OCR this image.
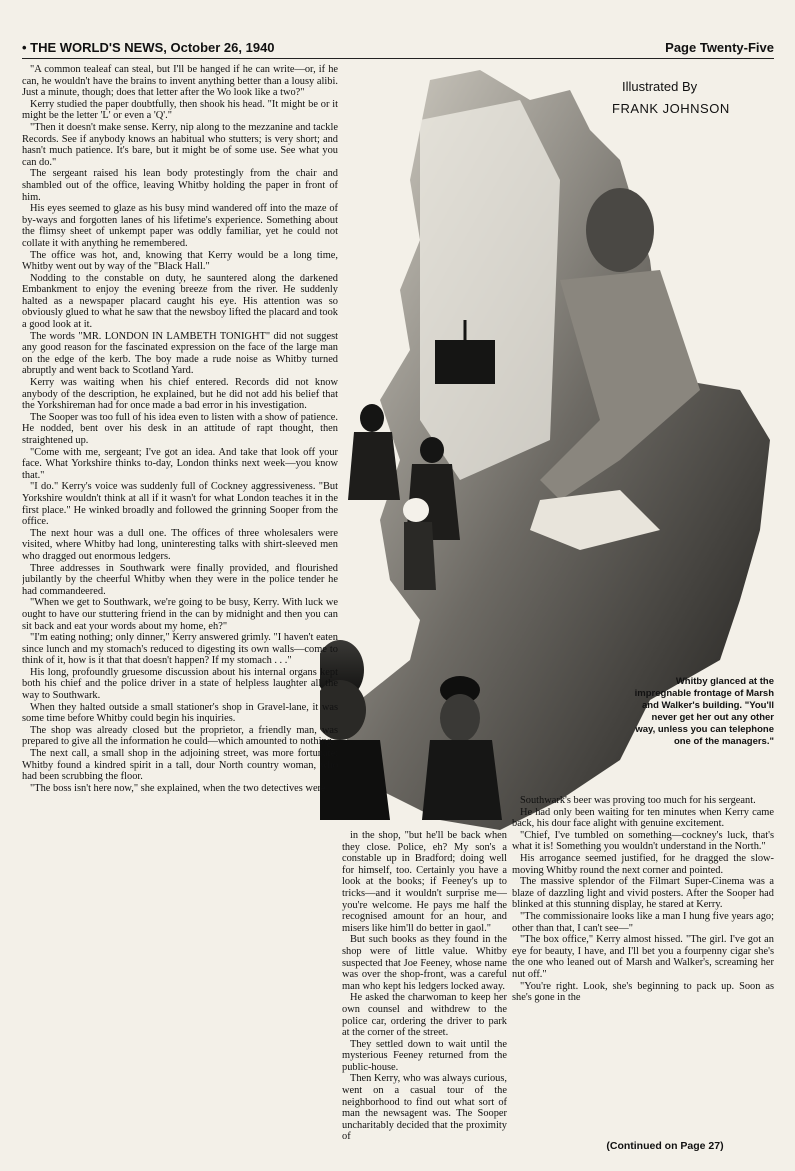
• THE WORLD'S NEWS, October 26, 1940	Page Twenty-Five
Illustrated By
FRANK JOHNSON
Whitby glanced at the impregnable frontage of Marsh and Walker's building. "You'll never get her out any other way, unless you can telephone one of the managers."

"A common tealeaf can steal, but I'll be hanged if he can write—or, if he can, he wouldn't have the brains to invent anything better than a lousy alibi. Just a minute, though; does that letter after the Wo look like a two?"

Kerry studied the paper doubtfully, then shook his head. "It might be or it might be the letter 'L' or even a 'Q'."

"Then it doesn't make sense. Kerry, nip along to the mezzanine and tackle Records. See if anybody knows an habitual who stutters; is very short; and hasn't much patience. It's bare, but it might be of some use. See what you can do."

The sergeant raised his lean body protestingly from the chair and shambled out of the office, leaving Whitby holding the paper in front of him.

His eyes seemed to glaze as his busy mind wandered off into the maze of by-ways and forgotten lanes of his lifetime's experience. Something about the flimsy sheet of unkempt paper was oddly familiar, yet he could not collate it with anything he remembered.

The office was hot, and, knowing that Kerry would be a long time, Whitby went out by way of the "Black Hall."

Nodding to the constable on duty, he sauntered along the darkened Embankment to enjoy the evening breeze from the river. He suddenly halted as a newspaper placard caught his eye. His attention was so obviously glued to what he saw that the newsboy lifted the placard and took a good look at it.

The words "MR. LONDON IN LAMBETH TONIGHT" did not suggest any good reason for the fascinated expression on the face of the large man on the edge of the kerb. The boy made a rude noise as Whitby turned abruptly and went back to Scotland Yard.

Kerry was waiting when his chief entered. Records did not know anybody of the description, he explained, but he did not add his belief that the Yorkshireman had for once made a bad error in his investigation.

The Sooper was too full of his idea even to listen with a show of patience. He nodded, bent over his desk in an attitude of rapt thought, then straightened up.

"Come with me, sergeant; I've got an idea. And take that look off your face. What Yorkshire thinks to-day, London thinks next week—you know that."

"I do." Kerry's voice was suddenly full of Cockney aggressiveness. "But Yorkshire wouldn't think at all if it wasn't for what London teaches it in the first place." He winked broadly and followed the grinning Sooper from the office.

The next hour was a dull one. The offices of three wholesalers were visited, where Whitby had long, uninteresting talks with shirt-sleeved men who dragged out enormous ledgers.

Three addresses in Southwark were finally provided, and flourished jubilantly by the cheerful Whitby when they were in the police tender he had commandeered.

"When we get to Southwark, we're going to be busy, Kerry. With luck we ought to have our stuttering friend in the can by midnight and then you can sit back and eat your words about my home, eh?"

"I'm eating nothing; only dinner," Kerry answered grimly. "I haven't eaten since lunch and my stomach's reduced to digesting its own walls—come to think of it, how is it that that doesn't happen? If my stomach . . ."

His long, profoundly gruesome discussion about his internal organs kept both his chief and the police driver in a state of helpless laughter all the way to Southwark.

When they halted outside a small stationer's shop in Gravel-lane, it was some time before Whitby could begin his inquiries.

The shop was already closed but the proprietor, a friendly man, was prepared to give all the information he could—which amounted to nothing.

The next call, a small shop in the adjoining street, was more fortunate: Whitby found a kindred spirit in a tall, dour North country woman, who had been scrubbing the floor.

"The boss isn't here now," she explained, when the two detectives were

in the shop, "but he'll be back when they close. Police, eh? My son's a constable up in Bradford; doing well for himself, too. Certainly you have a look at the books; if Feeney's up to tricks—and it wouldn't surprise me—you're welcome. He pays me half the recognised amount for an hour, and misers like him'll do better in gaol."

But such books as they found in the shop were of little value. Whitby suspected that Joe Feeney, whose name was over the shop-front, was a careful man who kept his ledgers locked away.

He asked the charwoman to keep her own counsel and withdrew to the police car, ordering the driver to park at the corner of the street.

They settled down to wait until the mysterious Feeney returned from the public-house.

Then Kerry, who was always curious, went on a casual tour of the neighborhood to find out what sort of man the newsagent was. The Sooper uncharitably decided that the proximity of

Southwark's beer was proving too much for his sergeant.

He had only been waiting for ten minutes when Kerry came back, his dour face alight with genuine excitement.

"Chief, I've tumbled on something—cockney's luck, that's what it is! Something you wouldn't understand in the North."

His arrogance seemed justified, for he dragged the slow-moving Whitby round the next corner and pointed.

The massive splendor of the Filmart Super-Cinema was a blaze of dazzling light and vivid posters. After the Sooper had blinked at this stunning display, he stared at Kerry.

"The commissionaire looks like a man I hung five years ago; other than that, I can't see—"

"The box office," Kerry almost hissed. "The girl. I've got an eye for beauty, I have, and I'll bet you a fourpenny cigar she's the one who leaned out of Marsh and Walker's, screaming her nut off."

"You're right. Look, she's beginning to pack up. Soon as she's gone in the

(Continued on Page 27)
